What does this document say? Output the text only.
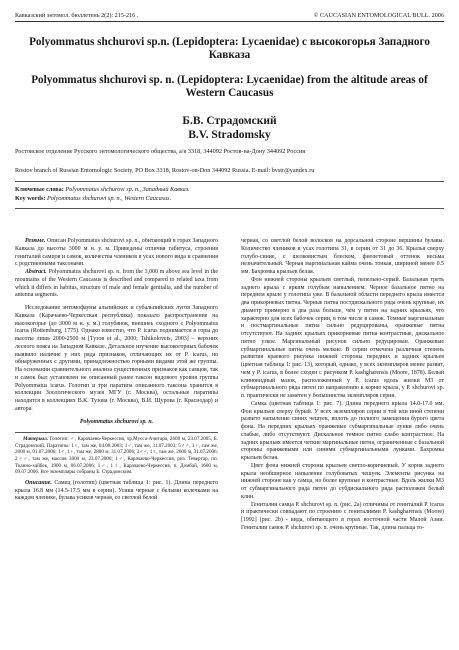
Кавказский энтомол. бюллетень 2(2): 215-216 .	© CAUCASIAN ENTOMOLOGICAL BULL. 2006
Polyommatus shchurovi sp.n. (Lepidoptera: Lycaenidae) с высокогорья Западного Кавказа
Polyommatus shchurovi sp. n. (Lepidoptera: Lycaenidae) from the altitude areas of Western Caucasus
Б.В. Страдомский
B.V. Stradomsky
Ростовское отделение Русского энтомологического общества, а/я 3318, 344092 Ростов-на-Дону 344092 Россия
Rostov branch of Russian Entomologic Society, PO Box 3318, Rostov-on-Don 344092 Russia. E-mail: bvstr@yandex.ru
Ключевые слова: Polyommatus shchurovi sp. n., Западный Кавказ.
Key words: Polyommatus shchurovi sp. n., Western Caucasus.

Резюме. Описан Polyommatus shchurovi sp. n., обитающий в горах Западного Кавказа до высоты 3000 м н. у. м. Приведены отличия габитуса, строения гениталий самцов и самок, количества члеников в усах нового вида и сравнения с родственными таксонами.

Abstract. Polyommatus shchurovi sp. n. from the 3,000 m above sea level in the mountains of the Western Caucasus is described and compared to related taxa from which it differs in habitus, structure of male and female genitalia, and the number of antenna segments.

Исследование энтомофауны альпийских и субальпийских лугов Западного Кавказа (Карачаево-Черкесская республика) показало распространение на высокогорье (до 3000 м н. у. м.) голубянок, внешнеь сходного с Polyommatus icarus (Rottemburg, 1775). Однако известно, что P. icarus поднимается в горы до высоты лишь 2000-2500 м [Тузов et al., 2000; Tshikolovets, 2003] – верхних лесного пояса на Западном Кавказе. Детальное изучение высокогорных бабочек выявило наличие у них ряда признаков, отличающих их от P. icarus, но обнаруженных с другими, принадлежностью горными видами этой же группы. На основании сравнительного анализа существенных признаков как самцов, так и самок был установлен не описанный ранее таксон видового уровня группы Polyommatus icarus. Голотип и три паратипа описанного таксона хранится в коллекции Зоологического музея МГУ (г. Москва), остальные паратипы находятся в коллекциях В.К. Тузова (г. Москва), В.И. Щурова (г. Краснодар) и автора.

Polyommatus shchurovi sp. n.

Материал. Голотип: ♂, Карачаево-Черкессия, хр.Мусса-Ачитара, 2600 м, 23.07.2005, Б. Страдомский. Паратипы: 1♀, там же, 04.08.2003; 1♂, там же, 31.07.2003; 5♂♂, 1♀, там же, 2000 м, 01.07.2006; 1♂, 1♀, там же, 2800 м, 31.07.2006; 3♂♂, 1♀, там же, 2600 м, 31.07.2006; 2♂♂, там же, массив 3000 м, 23.07.2006; 1♂, Карачаево-Черкессия, риз. Тевертар, пп. Тканно-хайбек, 1900 м, 06.07.2006; 1♂, 1♀, Карачаево-Черкессия, п. Домбай, 1600 м, 09.07.2006. Все экземпляры собраны Б. Страдомским.

Описание. Самец (голотип) (цветная таблица 1: рис. 1). Длина переднего крыла 16.8 мм (14.5-17.5 мм в серии). Усики черные с белыми колечками на каждом членике, булава усиков черная, со светлой белой

черная, со светлой белой волосков на дорсальной стороне вершины булавы. Количество члеников в усах голотипа 31, в серии от 31 до 36. Крылья сверху голубо-синие, с шелковистым блеском, фиолетовый оттенок весьма незначительный. Черная маргинальная кайма очень тонкая, шириной менее 0.5 мм. Бахромка крыльев белая.

Фон нижней стороны крыльев светлый, пепельно-серый. Базальная треть заднего крыла с ярким голубым напылением. Черное базальное пятно на переднем крыле у голотипа уже. В базальной области переднего крыла имеется два прикорневых пятна. Черные пятна постдискального ряда очень крупные, их диаметр примерно в два раза больше, чем у пятен на задних крыльях, что характерно для всех бабочек серии, в том числе в самок. Темные маргинальные и постмаргинальные пятна сильно редуцированы, оранжевые пятна отсутствуют. На задних крыльях прикорневые пятна контрастные, дискальное пятно узкое. Маргинальный рисунок сильно редуцирован. Оранжевые субмаргинальные пятна очень мелкие. В серии отмечена различная степень развития краевого рисунка нижней стороны передних и задних крыльев (цветная таблица 1: рис. 13), который, однако, у всех экземпляров менее развит, чем у P. icarus, в более сходен с рисунком P. kashgharensis (Moore, 1878). Белый клиновидный мазок, расположенный у P. icarus вдоль жилки M3 от субмаргинального ряда пятен по направлению к корню крыла, у P. shchurovi sp. n. практически не заметен у большинства экземпляров серии.

Самка (цветная таблица 1: рис. 7). Длина переднего крыла 14.0-17.0 мм. Фон крыльев сверху бурый. У всех экземпляров серии в той или иной степени развито напыление синих чешуек, вплоть до полного замещения бурого цвета фона. На передних крыльях оранжевые субмаргинальные лунки либо очень слабые, либо отсутствуют. Дискальное темное пятно слабо контрастное. На задних крыльях имеется четкие маргинальные пятна, ограниченные с базальной стороны оранжевыми или синими субмаргинальными лунками. Бахромка крыльев белая.

Цвет фона нижней стороны крыльев светло-коричневый. У корня заднего крыла необширное напыление голубоватых чешуек. Элементы рисунка на нижней стороне как у самца, но более крупные и контрастные. Вдоль жилки M3 от субмаргинального ряда пятен до субдискального ряда расположен белый клин.

Гениталии самца P. shchurovi sp. n. (рис. 2а) отличимы от гениталий P. icarus и практически совпадают по строению с гениталиями P. kashgharensis (Moore) [1992] (рис. 2b) - вида, обитающего в горах восточной части Малой Азии. Гениталии самок P. shchurovi sp. n. очень крупные. Так, длина пальца то-
